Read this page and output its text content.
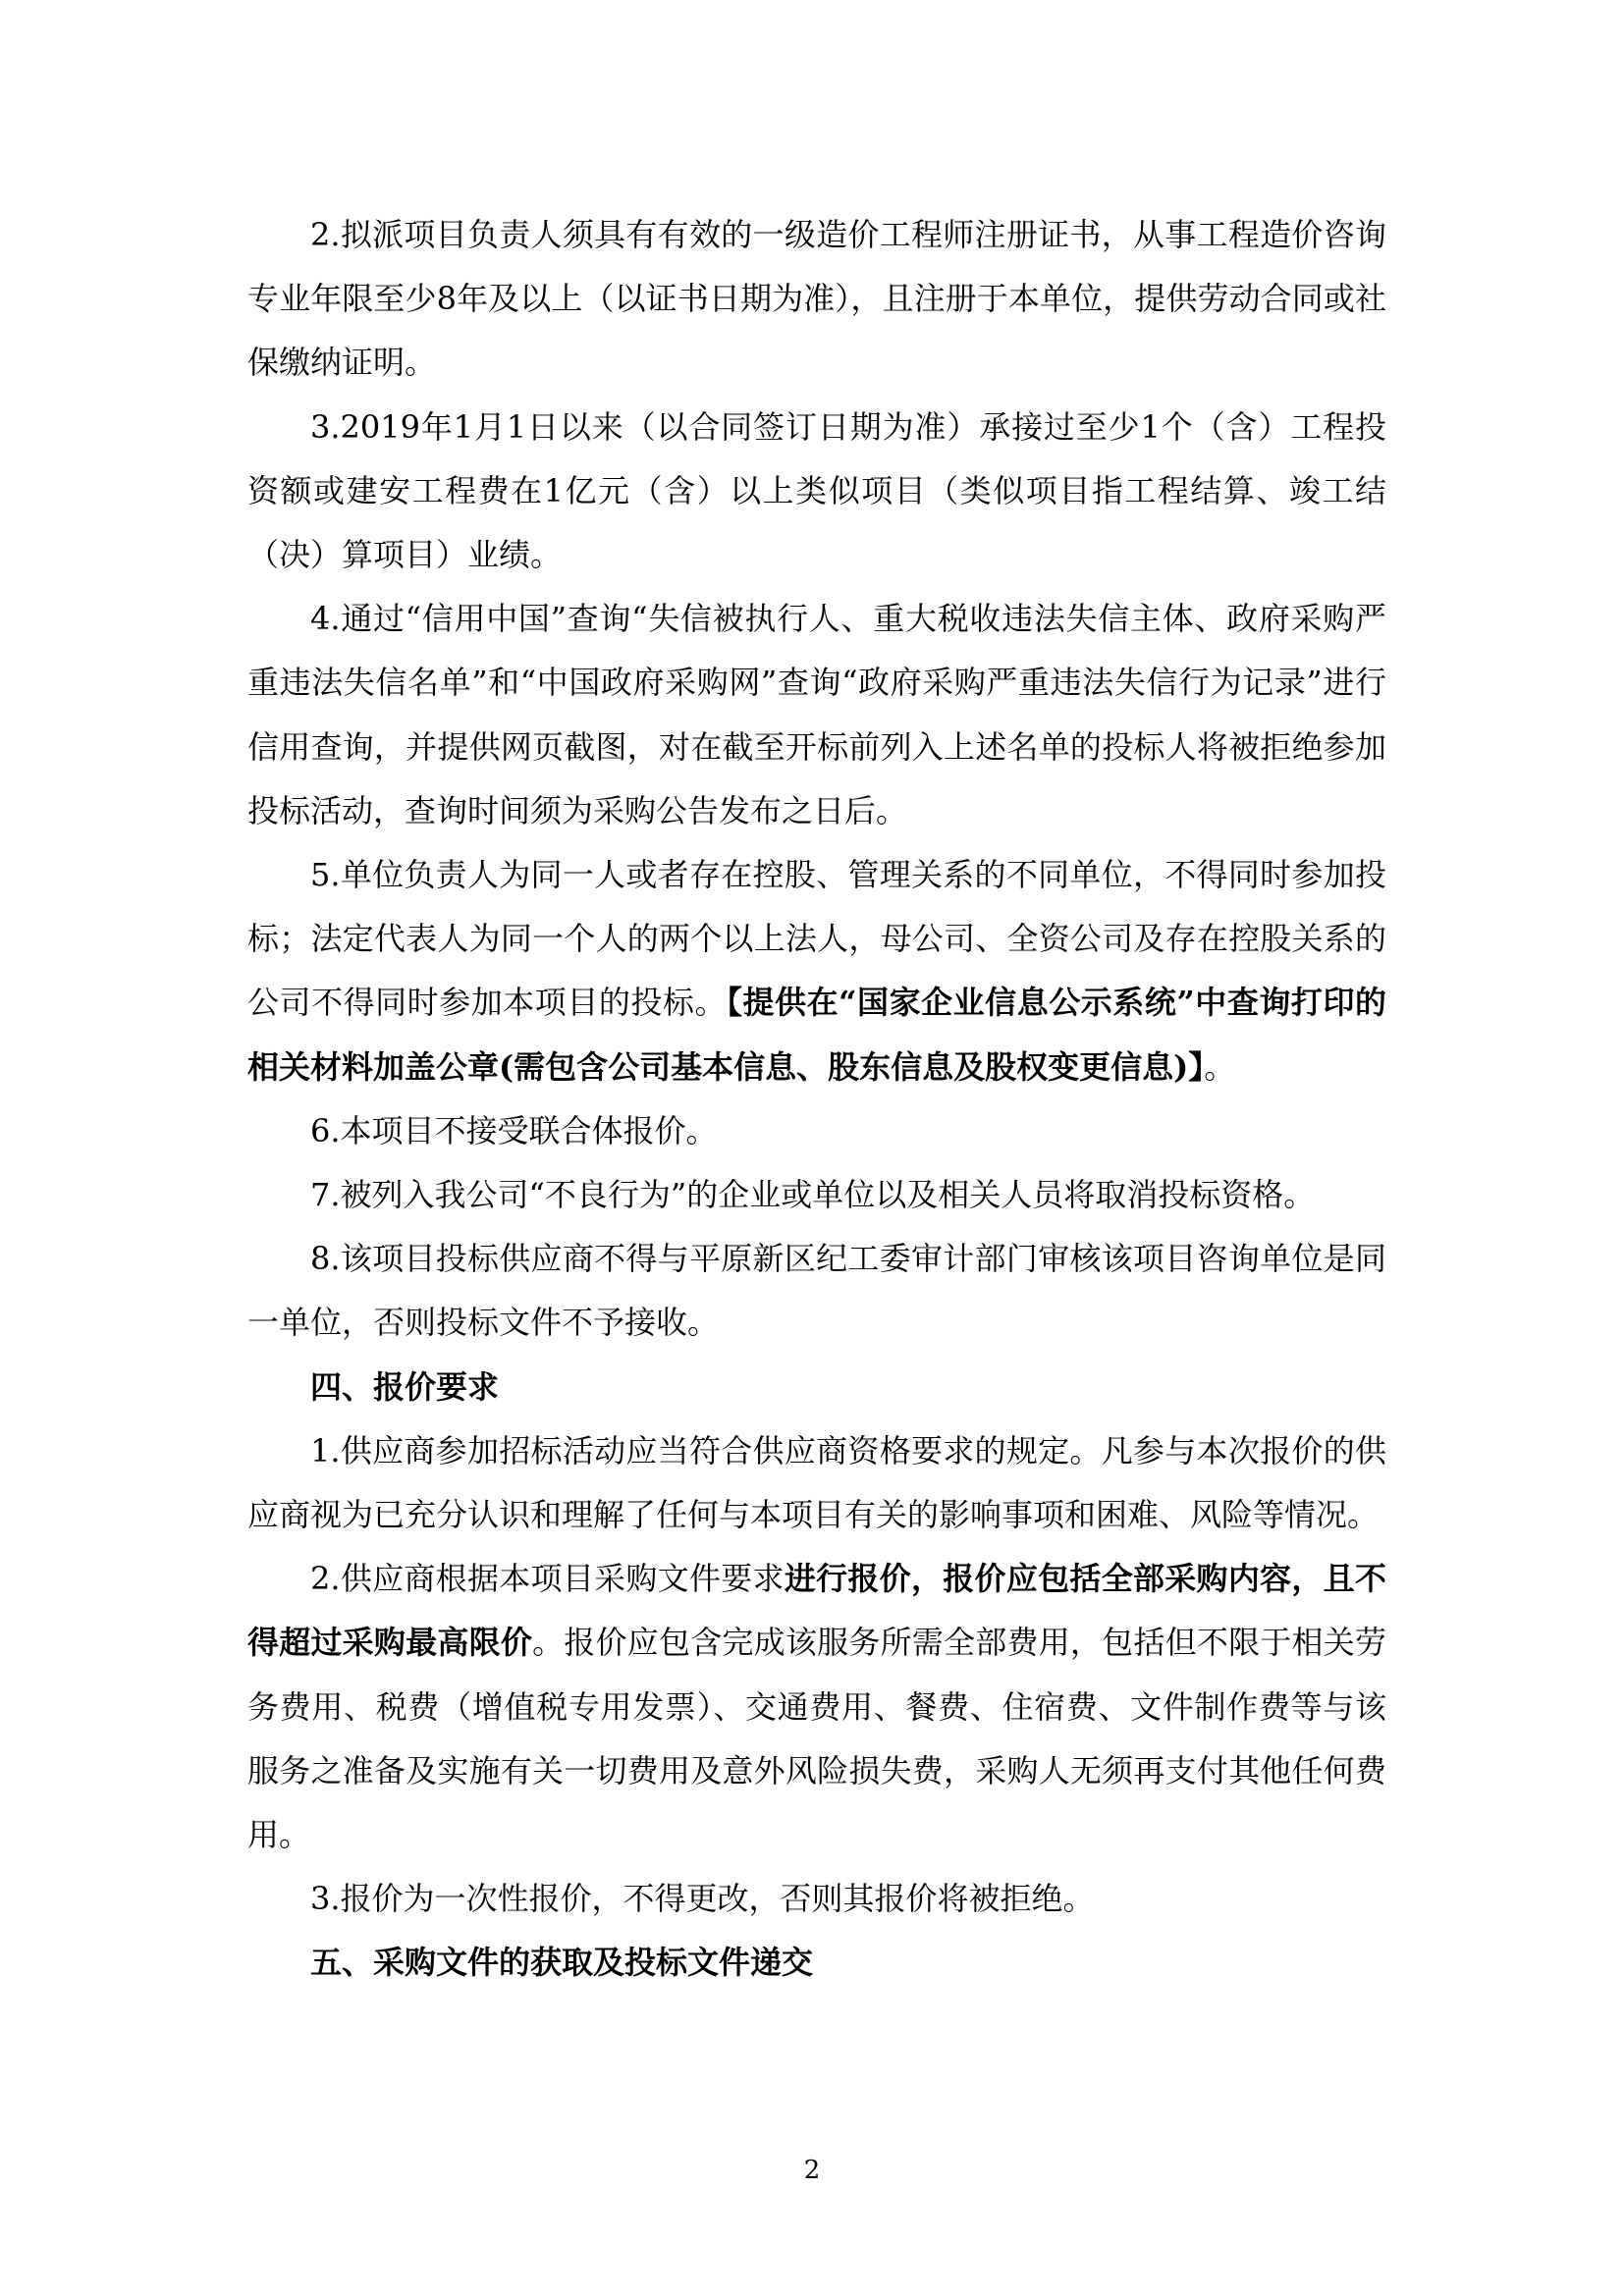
2.拟派项目负责人须具有有效的一级造价工程师注册证书，从事工程造价咨询专业年限至少8年及以上（以证书日期为准），且注册于本单位，提供劳动合同或社保缴纳证明。

3.2019年1月1日以来（以合同签订日期为准）承接过至少1个（含）工程投资额或建安工程费在1亿元（含）以上类似项目（类似项目指工程结算、竣工结（决）算项目）业绩。

4.通过“信用中国”查询“失信被执行人、重大税收违法失信主体、政府采购严重违法失信名单”和“中国政府采购网”查询“政府采购严重违法失信行为记录”进行信用查询，并提供网页截图，对在截至开标前列入上述名单的投标人将被拒绝参加投标活动，查询时间须为采购公告发布之日后。

5.单位负责人为同一人或者存在控股、管理关系的不同单位，不得同时参加投标；法定代表人为同一个人的两个以上法人，母公司、全资公司及存在控股关系的公司不得同时参加本项目的投标。【提供在“国家企业信息公示系统”中查询打印的相关材料加盖公章(需包含公司基本信息、股东信息及股权变更信息)】。

6.本项目不接受联合体报价。

7.被列入我公司“不良行为”的企业或单位以及相关人员将取消投标资格。

8.该项目投标供应商不得与平原新区纪工委审计部门审核该项目咨询单位是同一单位，否则投标文件不予接收。

四、报价要求

1.供应商参加招标活动应当符合供应商资格要求的规定。凡参与本次报价的供应商视为已充分认识和理解了任何与本项目有关的影响事项和困难、风险等情况。

2.供应商根据本项目采购文件要求进行报价，报价应包括全部采购内容，且不得超过采购最高限价。报价应包含完成该服务所需全部费用，包括但不限于相关劳务费用、税费（增值税专用发票）、交通费用、餐费、住宿费、文件制作费等与该服务之准备及实施有关一切费用及意外风险损失费，采购人无须再支付其他任何费用。

3.报价为一次性报价，不得更改，否则其报价将被拒绝。

五、采购文件的获取及投标文件递交
2
